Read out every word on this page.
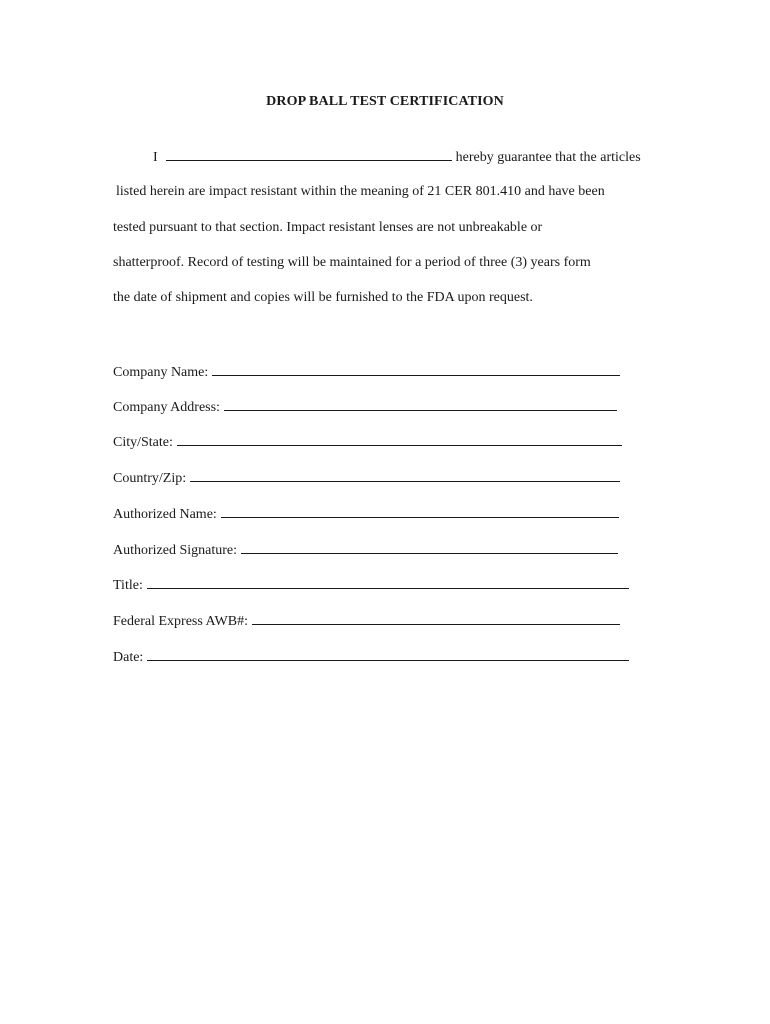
DROP BALL TEST CERTIFICATION
I	hereby guarantee that the articles
listed herein are impact resistant within the meaning of 21 CER 801.410 and have been
tested pursuant to that section. Impact resistant lenses are not unbreakable or
shatterproof. Record of testing will be maintained for a period of three (3) years form
the date of shipment and copies will be furnished to the FDA upon request.
Company Name:
Company Address:
City/State:
Country/Zip:
Authorized Name:
Authorized Signature:
Title:
Federal Express AWB#:
Date:
